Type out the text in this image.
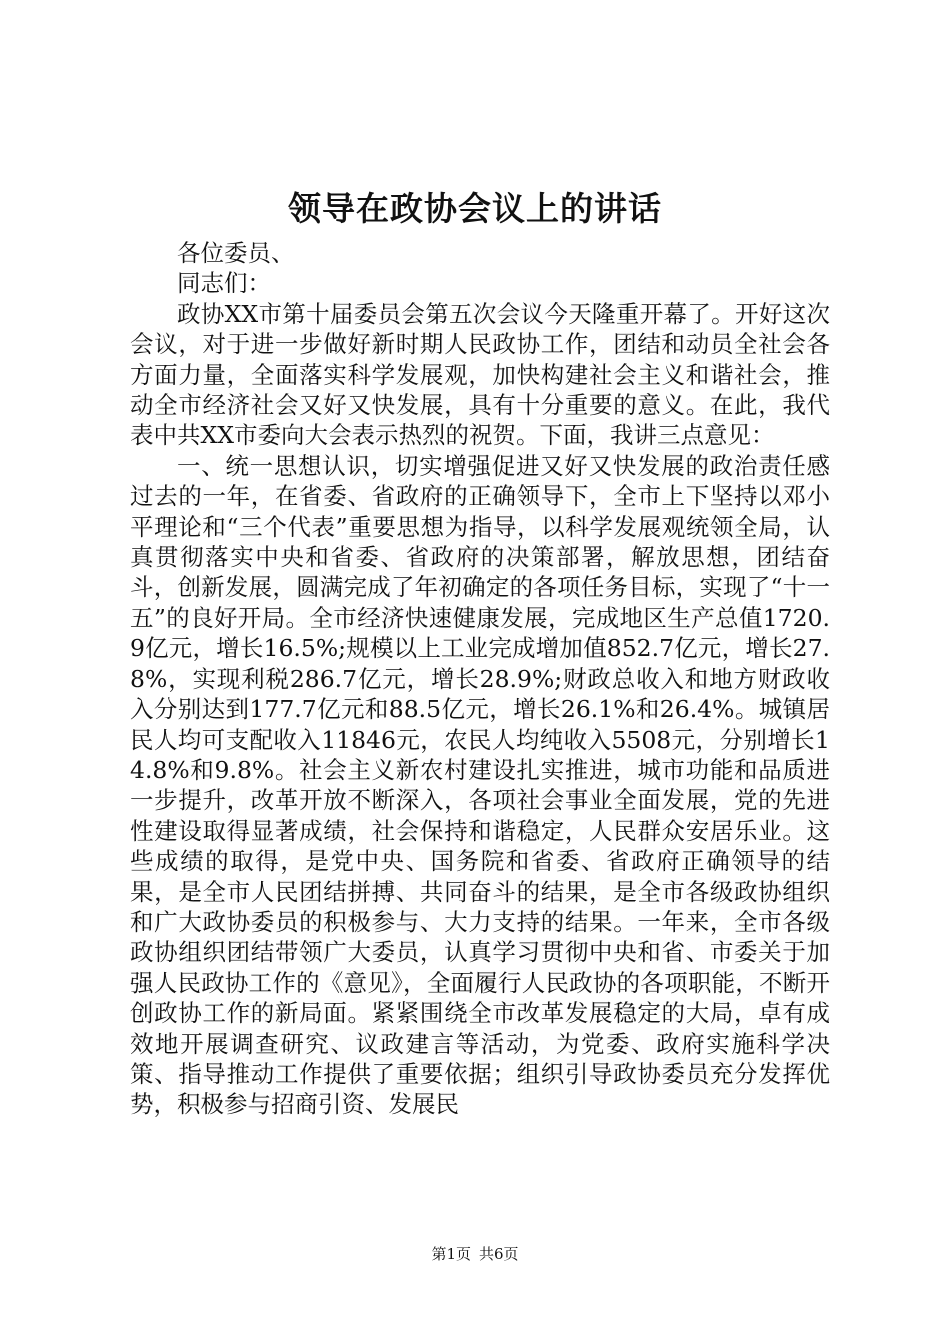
领导在政协会议上的讲话

各位委员、

同志们：

政协XX市第十届委员会第五次会议今天隆重开幕了。开好这次会议，对于进一步做好新时期人民政协工作，团结和动员全社会各方面力量，全面落实科学发展观，加快构建社会主义和谐社会，推动全市经济社会又好又快发展，具有十分重要的意义。在此，我代表中共XX市委向大会表示热烈的祝贺。下面，我讲三点意见：

一、统一思想认识，切实增强促进又好又快发展的政治责任感过去的一年，在省委、省政府的正确领导下，全市上下坚持以邓小平理论和“三个代表”重要思想为指导，以科学发展观统领全局，认真贯彻落实中央和省委、省政府的决策部署，解放思想，团结奋斗，创新发展，圆满完成了年初确定的各项任务目标，实现了“十一五”的良好开局。全市经济快速健康发展，完成地区生产总值1720.9亿元，增长16.5%;规模以上工业完成增加值852.7亿元，增长27.8%，实现利税286.7亿元，增长28.9%;财政总收入和地方财政收入分别达到177.7亿元和88.5亿元，增长26.1%和26.4%。城镇居民人均可支配收入11846元，农民人均纯收入5508元，分别增长14.8%和9.8%。社会主义新农村建设扎实推进，城市功能和品质进一步提升，改革开放不断深入，各项社会事业全面发展，党的先进性建设取得显著成绩，社会保持和谐稳定，人民群众安居乐业。这些成绩的取得，是党中央、国务院和省委、省政府正确领导的结果，是全市人民团结拼搏、共同奋斗的结果，是全市各级政协组织和广大政协委员的积极参与、大力支持的结果。一年来，全市各级政协组织团结带领广大委员，认真学习贯彻中央和省、市委关于加强人民政协工作的《意见》，全面履行人民政协的各项职能，不断开创政协工作的新局面。紧紧围绕全市改革发展稳定的大局，卓有成效地开展调查研究、议政建言等活动，为党委、政府实施科学决策、指导推动工作提供了重要依据；组织引导政协委员充分发挥优势，积极参与招商引资、发展民

第1页 共6页
